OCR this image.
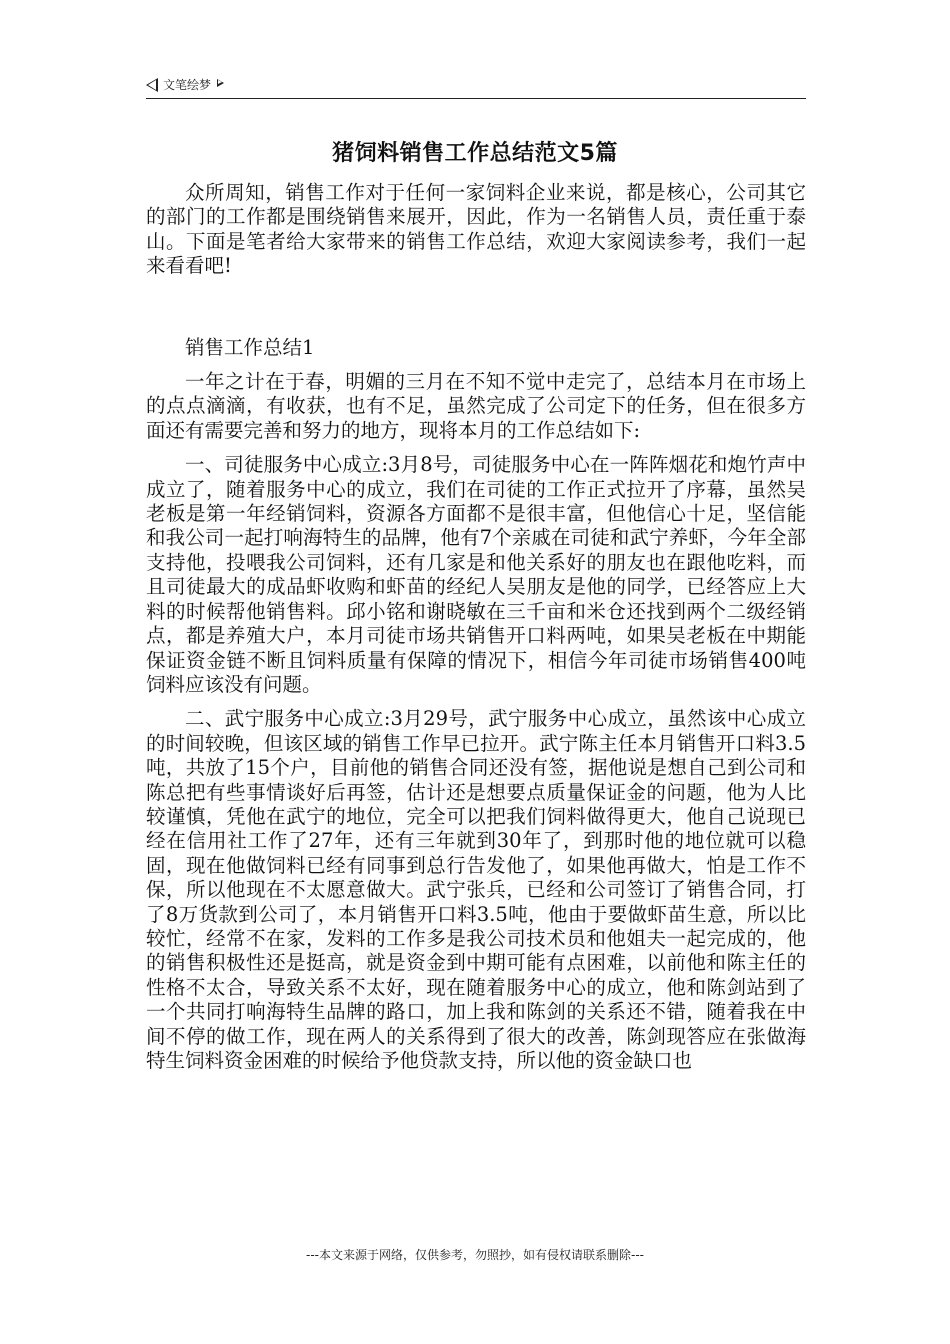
文笔绘梦
猪饲料销售工作总结范文5篇

众所周知，销售工作对于任何一家饲料企业来说，都是核心，公司其它的部门的工作都是围绕销售来展开，因此，作为一名销售人员，责任重于泰山。下面是笔者给大家带来的销售工作总结，欢迎大家阅读参考，我们一起来看看吧!

销售工作总结1

一年之计在于春，明媚的三月在不知不觉中走完了，总结本月在市场上的点点滴滴，有收获，也有不足，虽然完成了公司定下的任务，但在很多方面还有需要完善和努力的地方，现将本月的工作总结如下:

一、司徒服务中心成立:3月8号，司徒服务中心在一阵阵烟花和炮竹声中成立了，随着服务中心的成立，我们在司徒的工作正式拉开了序幕，虽然吴老板是第一年经销饲料，资源各方面都不是很丰富，但他信心十足，坚信能和我公司一起打响海特生的品牌，他有7个亲戚在司徒和武宁养虾，今年全部支持他，投喂我公司饲料，还有几家是和他关系好的朋友也在跟他吃料，而且司徒最大的成品虾收购和虾苗的经纪人吴朋友是他的同学，已经答应上大料的时候帮他销售料。邱小铭和谢晓敏在三千亩和米仓还找到两个二级经销点，都是养殖大户，本月司徒市场共销售开口料两吨，如果吴老板在中期能保证资金链不断且饲料质量有保障的情况下，相信今年司徒市场销售400吨饲料应该没有问题。

二、武宁服务中心成立:3月29号，武宁服务中心成立，虽然该中心成立的时间较晚，但该区域的销售工作早已拉开。武宁陈主任本月销售开口料3.5吨，共放了15个户，目前他的销售合同还没有签，据他说是想自己到公司和陈总把有些事情谈好后再签，估计还是想要点质量保证金的问题，他为人比较谨慎，凭他在武宁的地位，完全可以把我们饲料做得更大，他自己说现已经在信用社工作了27年，还有三年就到30年了，到那时他的地位就可以稳固，现在他做饲料已经有同事到总行告发他了，如果他再做大，怕是工作不保，所以他现在不太愿意做大。武宁张兵，已经和公司签订了销售合同，打了8万货款到公司了，本月销售开口料3.5吨，他由于要做虾苗生意，所以比较忙，经常不在家，发料的工作多是我公司技术员和他姐夫一起完成的，他的销售积极性还是挺高，就是资金到中期可能有点困难，以前他和陈主任的性格不太合，导致关系不太好，现在随着服务中心的成立，他和陈剑站到了一个共同打响海特生品牌的路口，加上我和陈剑的关系还不错，随着我在中间不停的做工作，现在两人的关系得到了很大的改善，陈剑现答应在张做海特生饲料资金困难的时候给予他贷款支持，所以他的资金缺口也

---本文来源于网络，仅供参考，勿照抄，如有侵权请联系删除---
